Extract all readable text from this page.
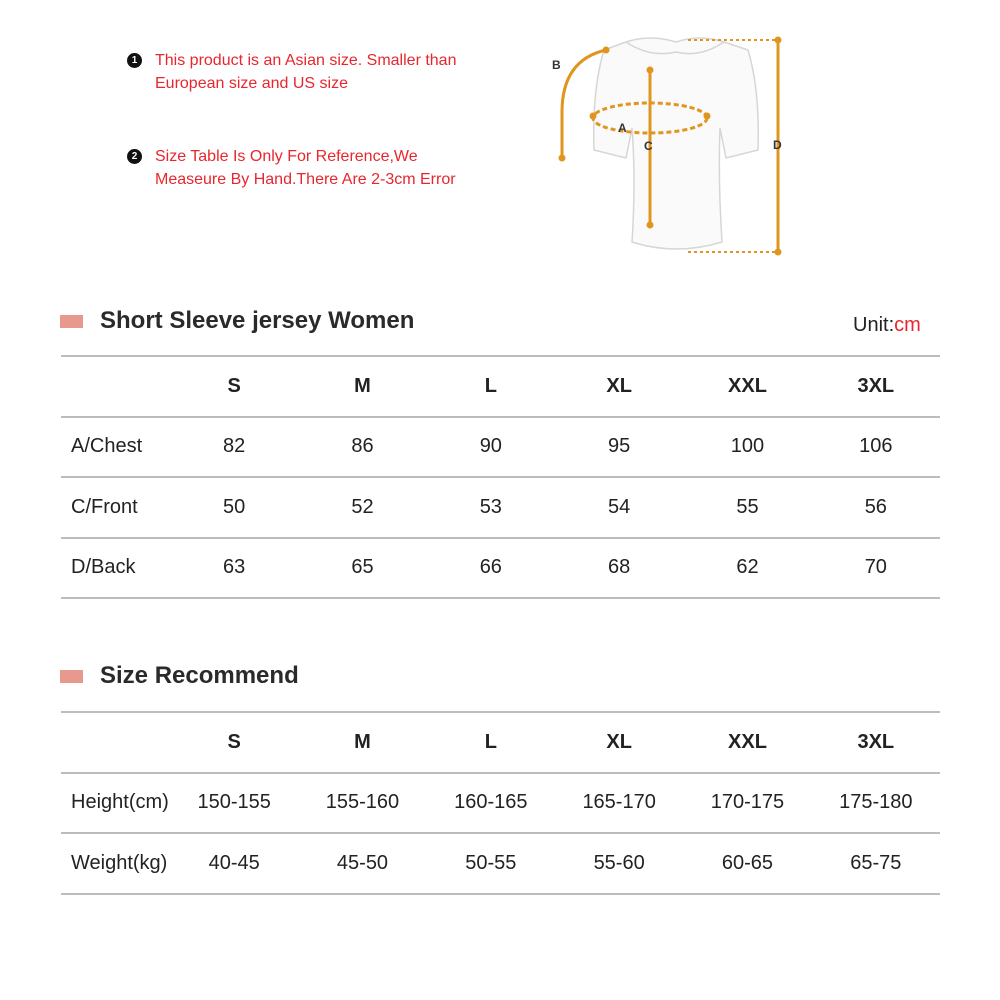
1 This product is an Asian size. Smaller than European size and US size
2 Size Table Is Only For Reference,We Measeure By Hand.There Are 2-3cm Error
B
A
C	D
Short Sleeve jersey Women	Unit:cm
	S	M	L	XL	XXL	3XL
A/Chest	82	86	90	95	100	106
C/Front	50	52	53	54	55	56
D/Back	63	65	66	68	62	70
Size Recommend
	S	M	L	XL	XXL	3XL
Height(cm)	150-155	155-160	160-165	165-170	170-175	175-180
Weight(kg)	40-45	45-50	50-55	55-60	60-65	65-75
